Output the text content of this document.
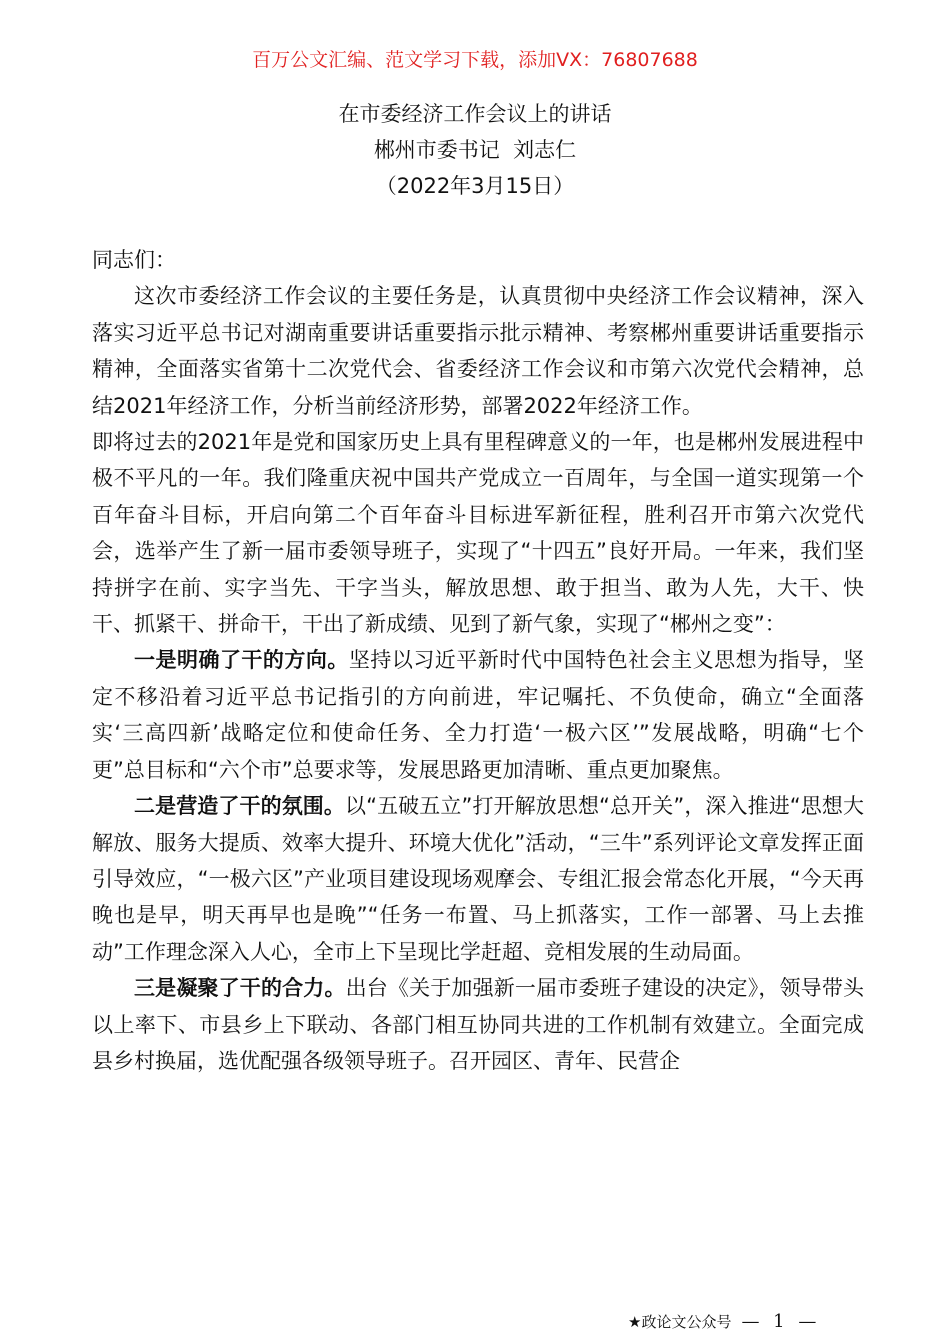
百万公文汇编、范文学习下载，添加VX：76807688
在市委经济工作会议上的讲话
郴州市委书记  刘志仁
（2022年3月15日）

同志们：

这次市委经济工作会议的主要任务是，认真贯彻中央经济工作会议精神，深入落实习近平总书记对湖南重要讲话重要指示批示精神、考察郴州重要讲话重要指示精神，全面落实省第十二次党代会、省委经济工作会议和市第六次党代会精神，总结2021年经济工作，分析当前经济形势，部署2022年经济工作。

即将过去的2021年是党和国家历史上具有里程碑意义的一年，也是郴州发展进程中极不平凡的一年。我们隆重庆祝中国共产党成立一百周年，与全国一道实现第一个百年奋斗目标，开启向第二个百年奋斗目标进军新征程，胜利召开市第六次党代会，选举产生了新一届市委领导班子，实现了“十四五”良好开局。一年来，我们坚持拼字在前、实字当先、干字当头，解放思想、敢于担当、敢为人先，大干、快干、抓紧干、拼命干，干出了新成绩、见到了新气象，实现了“郴州之变”：

一是明确了干的方向。坚持以习近平新时代中国特色社会主义思想为指导，坚定不移沿着习近平总书记指引的方向前进，牢记嘱托、不负使命，确立“全面落实‘三高四新’战略定位和使命任务、全力打造‘一极六区’”发展战略，明确“七个更”总目标和“六个市”总要求等，发展思路更加清晰、重点更加聚焦。

二是营造了干的氛围。以“五破五立”打开解放思想“总开关”，深入推进“思想大解放、服务大提质、效率大提升、环境大优化”活动，“三牛”系列评论文章发挥正面引导效应，“一极六区”产业项目建设现场观摩会、专组汇报会常态化开展，“今天再晚也是早，明天再早也是晚”“任务一布置、马上抓落实，工作一部署、马上去推动”工作理念深入人心，全市上下呈现比学赶超、竞相发展的生动局面。

三是凝聚了干的合力。出台《关于加强新一届市委班子建设的决定》，领导带头以上率下、市县乡上下联动、各部门相互协同共进的工作机制有效建立。全面完成县乡村换届，选优配强各级领导班子。召开园区、青年、民营企

★政论文公众号 — 1 —
